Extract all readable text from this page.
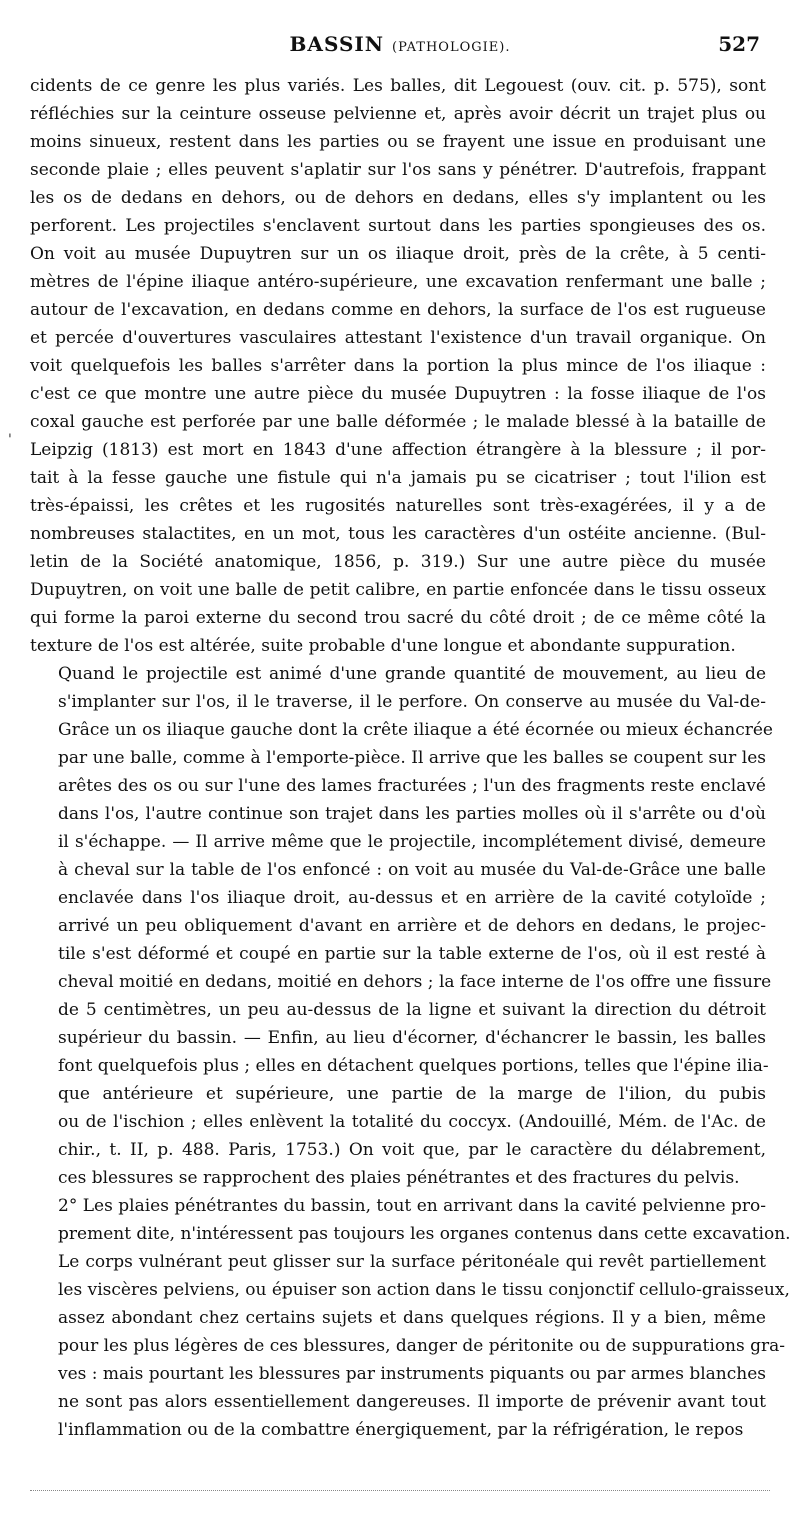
BASSIN (PATHOLOGIE).	527
'

cidents de ce genre les plus variés. Les balles, dit Legouest (ouv. cit. p. 575), sont
réfléchies sur la ceinture osseuse pelvienne et, après avoir décrit un trajet plus ou
moins sinueux, restent dans les parties ou se frayent une issue en produisant une
seconde plaie ; elles peuvent s'aplatir sur l'os sans y pénétrer. D'autrefois, frappant
les os de dedans en dehors, ou de dehors en dedans, elles s'y implantent ou les
perforent. Les projectiles s'enclavent surtout dans les parties spongieuses des os.
On voit au musée Dupuytren sur un os iliaque droit, près de la crête, à 5 centi-
mètres de l'épine iliaque antéro-supérieure, une excavation renfermant une balle ;
autour de l'excavation, en dedans comme en dehors, la surface de l'os est rugueuse
et percée d'ouvertures vasculaires attestant l'existence d'un travail organique. On
voit quelquefois les balles s'arrêter dans la portion la plus mince de l'os iliaque :
c'est ce que montre une autre pièce du musée Dupuytren : la fosse iliaque de l'os
coxal gauche est perforée par une balle déformée ; le malade blessé à la bataille de
Leipzig (1813) est mort en 1843 d'une affection étrangère à la blessure ; il por-
tait à la fesse gauche une fistule qui n'a jamais pu se cicatriser ; tout l'ilion est
très-épaissi, les crêtes et les rugosités naturelles sont très-exagérées, il y a de
nombreuses stalactites, en un mot, tous les caractères d'un ostéite ancienne. (Bul-
letin de la Société anatomique, 1856, p. 319.) Sur une autre pièce du musée
Dupuytren, on voit une balle de petit calibre, en partie enfoncée dans le tissu osseux
qui forme la paroi externe du second trou sacré du côté droit ; de ce même côté la
texture de l'os est altérée, suite probable d'une longue et abondante suppuration.

Quand le projectile est animé d'une grande quantité de mouvement, au lieu de
s'implanter sur l'os, il le traverse, il le perfore. On conserve au musée du Val-de-
Grâce un os iliaque gauche dont la crête iliaque a été écornée ou mieux échancrée
par une balle, comme à l'emporte-pièce. Il arrive que les balles se coupent sur les
arêtes des os ou sur l'une des lames fracturées ; l'un des fragments reste enclavé
dans l'os, l'autre continue son trajet dans les parties molles où il s'arrête ou d'où
il s'échappe. — Il arrive même que le projectile, incomplétement divisé, demeure
à cheval sur la table de l'os enfoncé : on voit au musée du Val-de-Grâce une balle
enclavée dans l'os iliaque droit, au-dessus et en arrière de la cavité cotyloïde ;
arrivé un peu obliquement d'avant en arrière et de dehors en dedans, le projec-
tile s'est déformé et coupé en partie sur la table externe de l'os, où il est resté à
cheval moitié en dedans, moitié en dehors ; la face interne de l'os offre une fissure
de 5 centimètres, un peu au-dessus de la ligne et suivant la direction du détroit
supérieur du bassin. — Enfin, au lieu d'écorner, d'échancrer le bassin, les balles
font quelquefois plus ; elles en détachent quelques portions, telles que l'épine ilia-
que antérieure et supérieure, une partie de la marge de l'ilion, du pubis
ou de l'ischion ; elles enlèvent la totalité du coccyx. (Andouillé, Mém. de l'Ac. de
chir., t. II, p. 488. Paris, 1753.) On voit que, par le caractère du délabrement,
ces blessures se rapprochent des plaies pénétrantes et des fractures du pelvis.

2° Les plaies pénétrantes du bassin, tout en arrivant dans la cavité pelvienne pro-
prement dite, n'intéressent pas toujours les organes contenus dans cette excavation.
Le corps vulnérant peut glisser sur la surface péritonéale qui revêt partiellement
les viscères pelviens, ou épuiser son action dans le tissu conjonctif cellulo-graisseux,
assez abondant chez certains sujets et dans quelques régions. Il y a bien, même
pour les plus légères de ces blessures, danger de péritonite ou de suppurations gra-
ves : mais pourtant les blessures par instruments piquants ou par armes blanches
ne sont pas alors essentiellement dangereuses. Il importe de prévenir avant tout
l'inflammation ou de la combattre énergiquement, par la réfrigération, le repos
